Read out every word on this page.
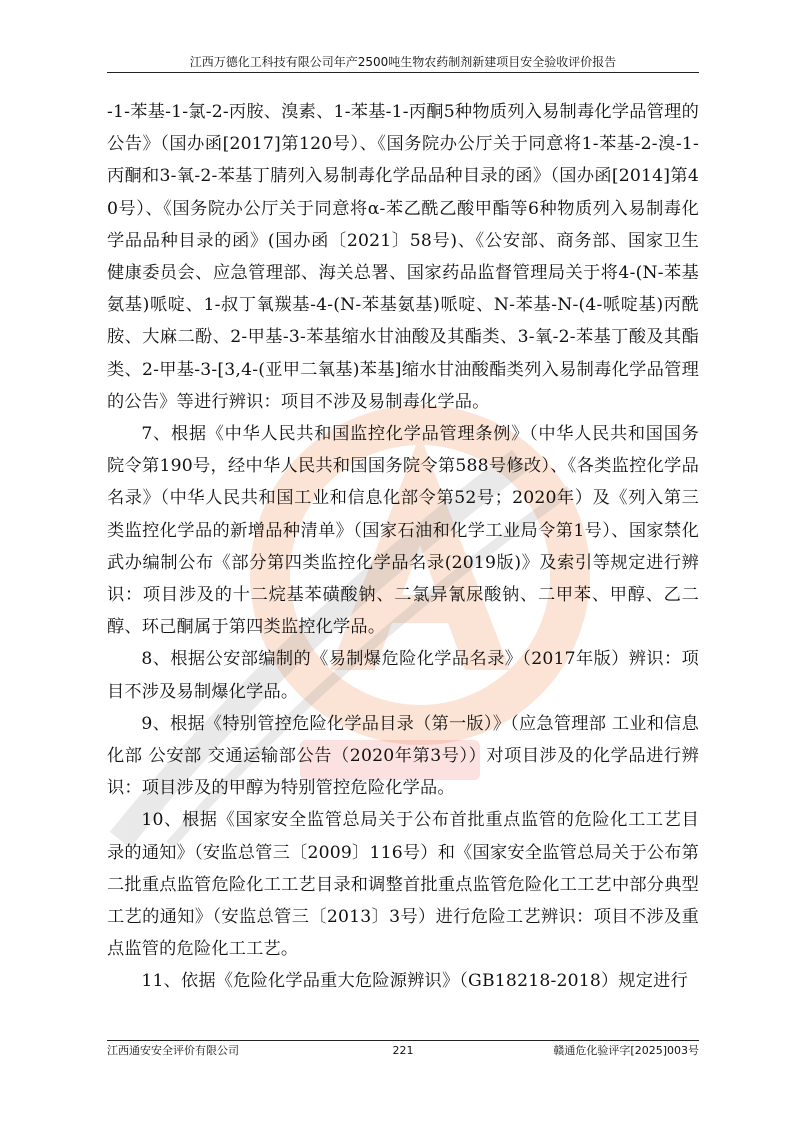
江西万德化工科技有限公司年产2500吨生物农药制剂新建项目安全验收评价报告

-1-苯基-1-氯-2-丙胺、溴素、1-苯基-1-丙酮5种物质列入易制毒化学品管理的公告》（国办函[2017]第120号）、《国务院办公厅关于同意将1-苯基-2-溴-1-丙酮和3-氧-2-苯基丁腈列入易制毒化学品品种目录的函》（国办函[2014]第40号）、《国务院办公厅关于同意将α-苯乙酰乙酸甲酯等6种物质列入易制毒化学品品种目录的函》(国办函〔2021〕58号)、《公安部、商务部、国家卫生健康委员会、应急管理部、海关总署、国家药品监督管理局关于将4-(N-苯基氨基)哌啶、1-叔丁氧羰基-4-(N-苯基氨基)哌啶、N-苯基-N-(4-哌啶基)丙酰胺、大麻二酚、2-甲基-3-苯基缩水甘油酸及其酯类、3-氧-2-苯基丁酸及其酯类、2-甲基-3-[3,4-(亚甲二氧基)苯基]缩水甘油酸酯类列入易制毒化学品管理的公告》等进行辨识：项目不涉及易制毒化学品。

7、根据《中华人民共和国监控化学品管理条例》（中华人民共和国国务院令第190号，经中华人民共和国国务院令第588号修改）、《各类监控化学品名录》（中华人民共和国工业和信息化部令第52号；2020年）及《列入第三类监控化学品的新增品种清单》（国家石油和化学工业局令第1号）、国家禁化武办编制公布《部分第四类监控化学品名录(2019版)》及索引等规定进行辨识：项目涉及的十二烷基苯磺酸钠、二氯异氰尿酸钠、二甲苯、甲醇、乙二醇、环己酮属于第四类监控化学品。

8、根据公安部编制的《易制爆危险化学品名录》（2017年版）辨识：项目不涉及易制爆化学品。

9、根据《特别管控危险化学品目录（第一版）》（应急管理部 工业和信息化部 公安部 交通运输部公告（2020年第3号））对项目涉及的化学品进行辨识：项目涉及的甲醇为特别管控危险化学品。

10、根据《国家安全监管总局关于公布首批重点监管的危险化工工艺目录的通知》（安监总管三〔2009〕116号）和《国家安全监管总局关于公布第二批重点监管危险化工工艺目录和调整首批重点监管危险化工工艺中部分典型工艺的通知》（安监总管三〔2013〕3号）进行危险工艺辨识：项目不涉及重点监管的危险化工工艺。

11、依据《危险化学品重大危险源辨识》（GB18218-2018）规定进行

江西通安安全评价有限公司	221	赣通危化验评字[2025]003号
